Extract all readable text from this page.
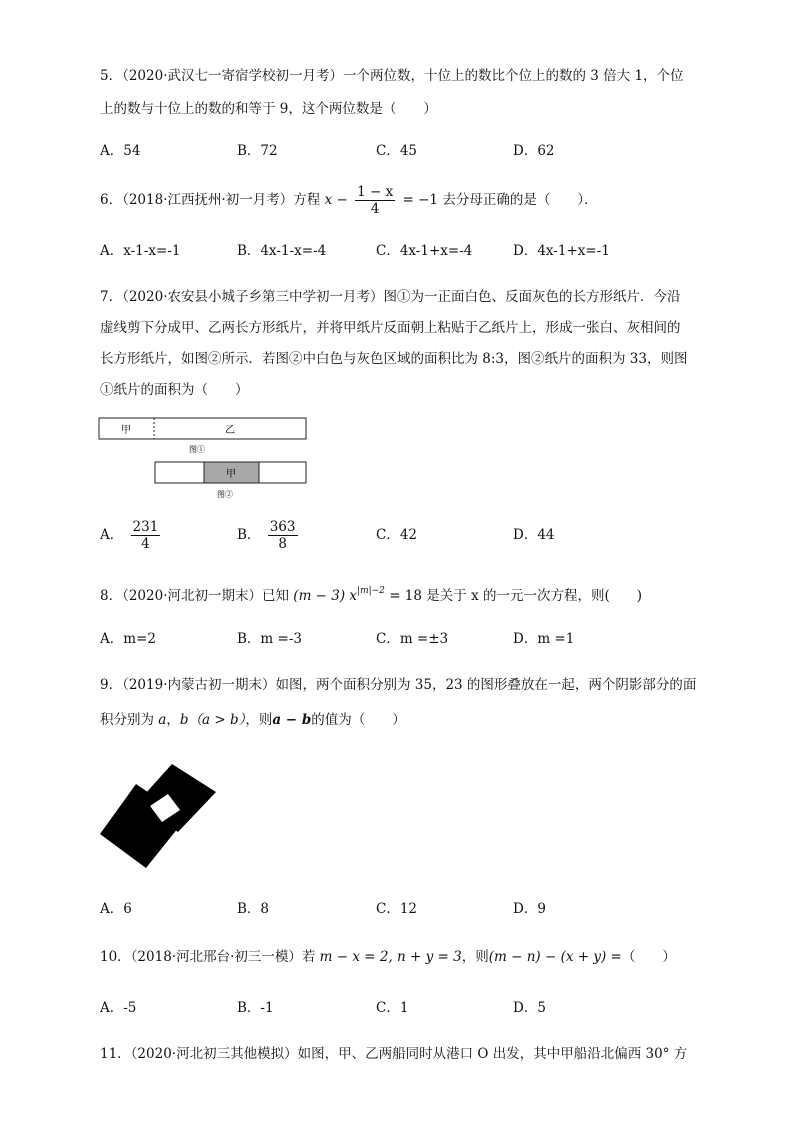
5．（2020·武汉七一寄宿学校初一月考）一个两位数，十位上的数比个位上的数的 3 倍大 1，个位
上的数与十位上的数的和等于 9，这个两位数是（　　）
A．54	B．72	C．45	D．62
6．（2018·江西抚州·初一月考）方程 $x - \frac{1 - x}{4} = -1$ 去分母正确的是（　　）．
A．x-1-x=-1	B．4x-1-x=-4	C．4x-1+x=-4	D．4x-1+x=-1
7．（2020·农安县小城子乡第三中学初一月考）图①为一正面白色、反面灰色的长方形纸片．今沿
虚线剪下分成甲、乙两长方形纸片，并将甲纸片反面朝上粘贴于乙纸片上，形成一张白、灰相间的
长方形纸片，如图②所示．若图②中白色与灰色区域的面积比为 8:3，图②纸片的面积为 33，则图
①纸片的面积为（　　）
甲	乙
图①
甲
图②
A． $\frac{231}{4}$	B． $\frac{363}{8}$	C．42	D．44
8．（2020·河北初一期末）已知 (m − 3) $x^{|m|-2} = 18$ 是关于 x 的一元一次方程，则(　　)
A．m=2	B．m =-3	C．m =±3	D．m =1
9．（2019·内蒙古初一期末）如图，两个面积分别为 35，23 的图形叠放在一起，两个阴影部分的面
积分别为 a，b（a > b），则a − b的值为（　　）
A．6	B．8	C．12	D．9
10．（2018·河北邢台·初三一模）若 m − x = 2, n + y = 3，则(m − n) − (x + y) =（　　）
A．-5	B．-1	C．1	D．5
11．（2020·河北初三其他模拟）如图，甲、乙两船同时从港口 O 出发，其中甲船沿北偏西 30° 方
